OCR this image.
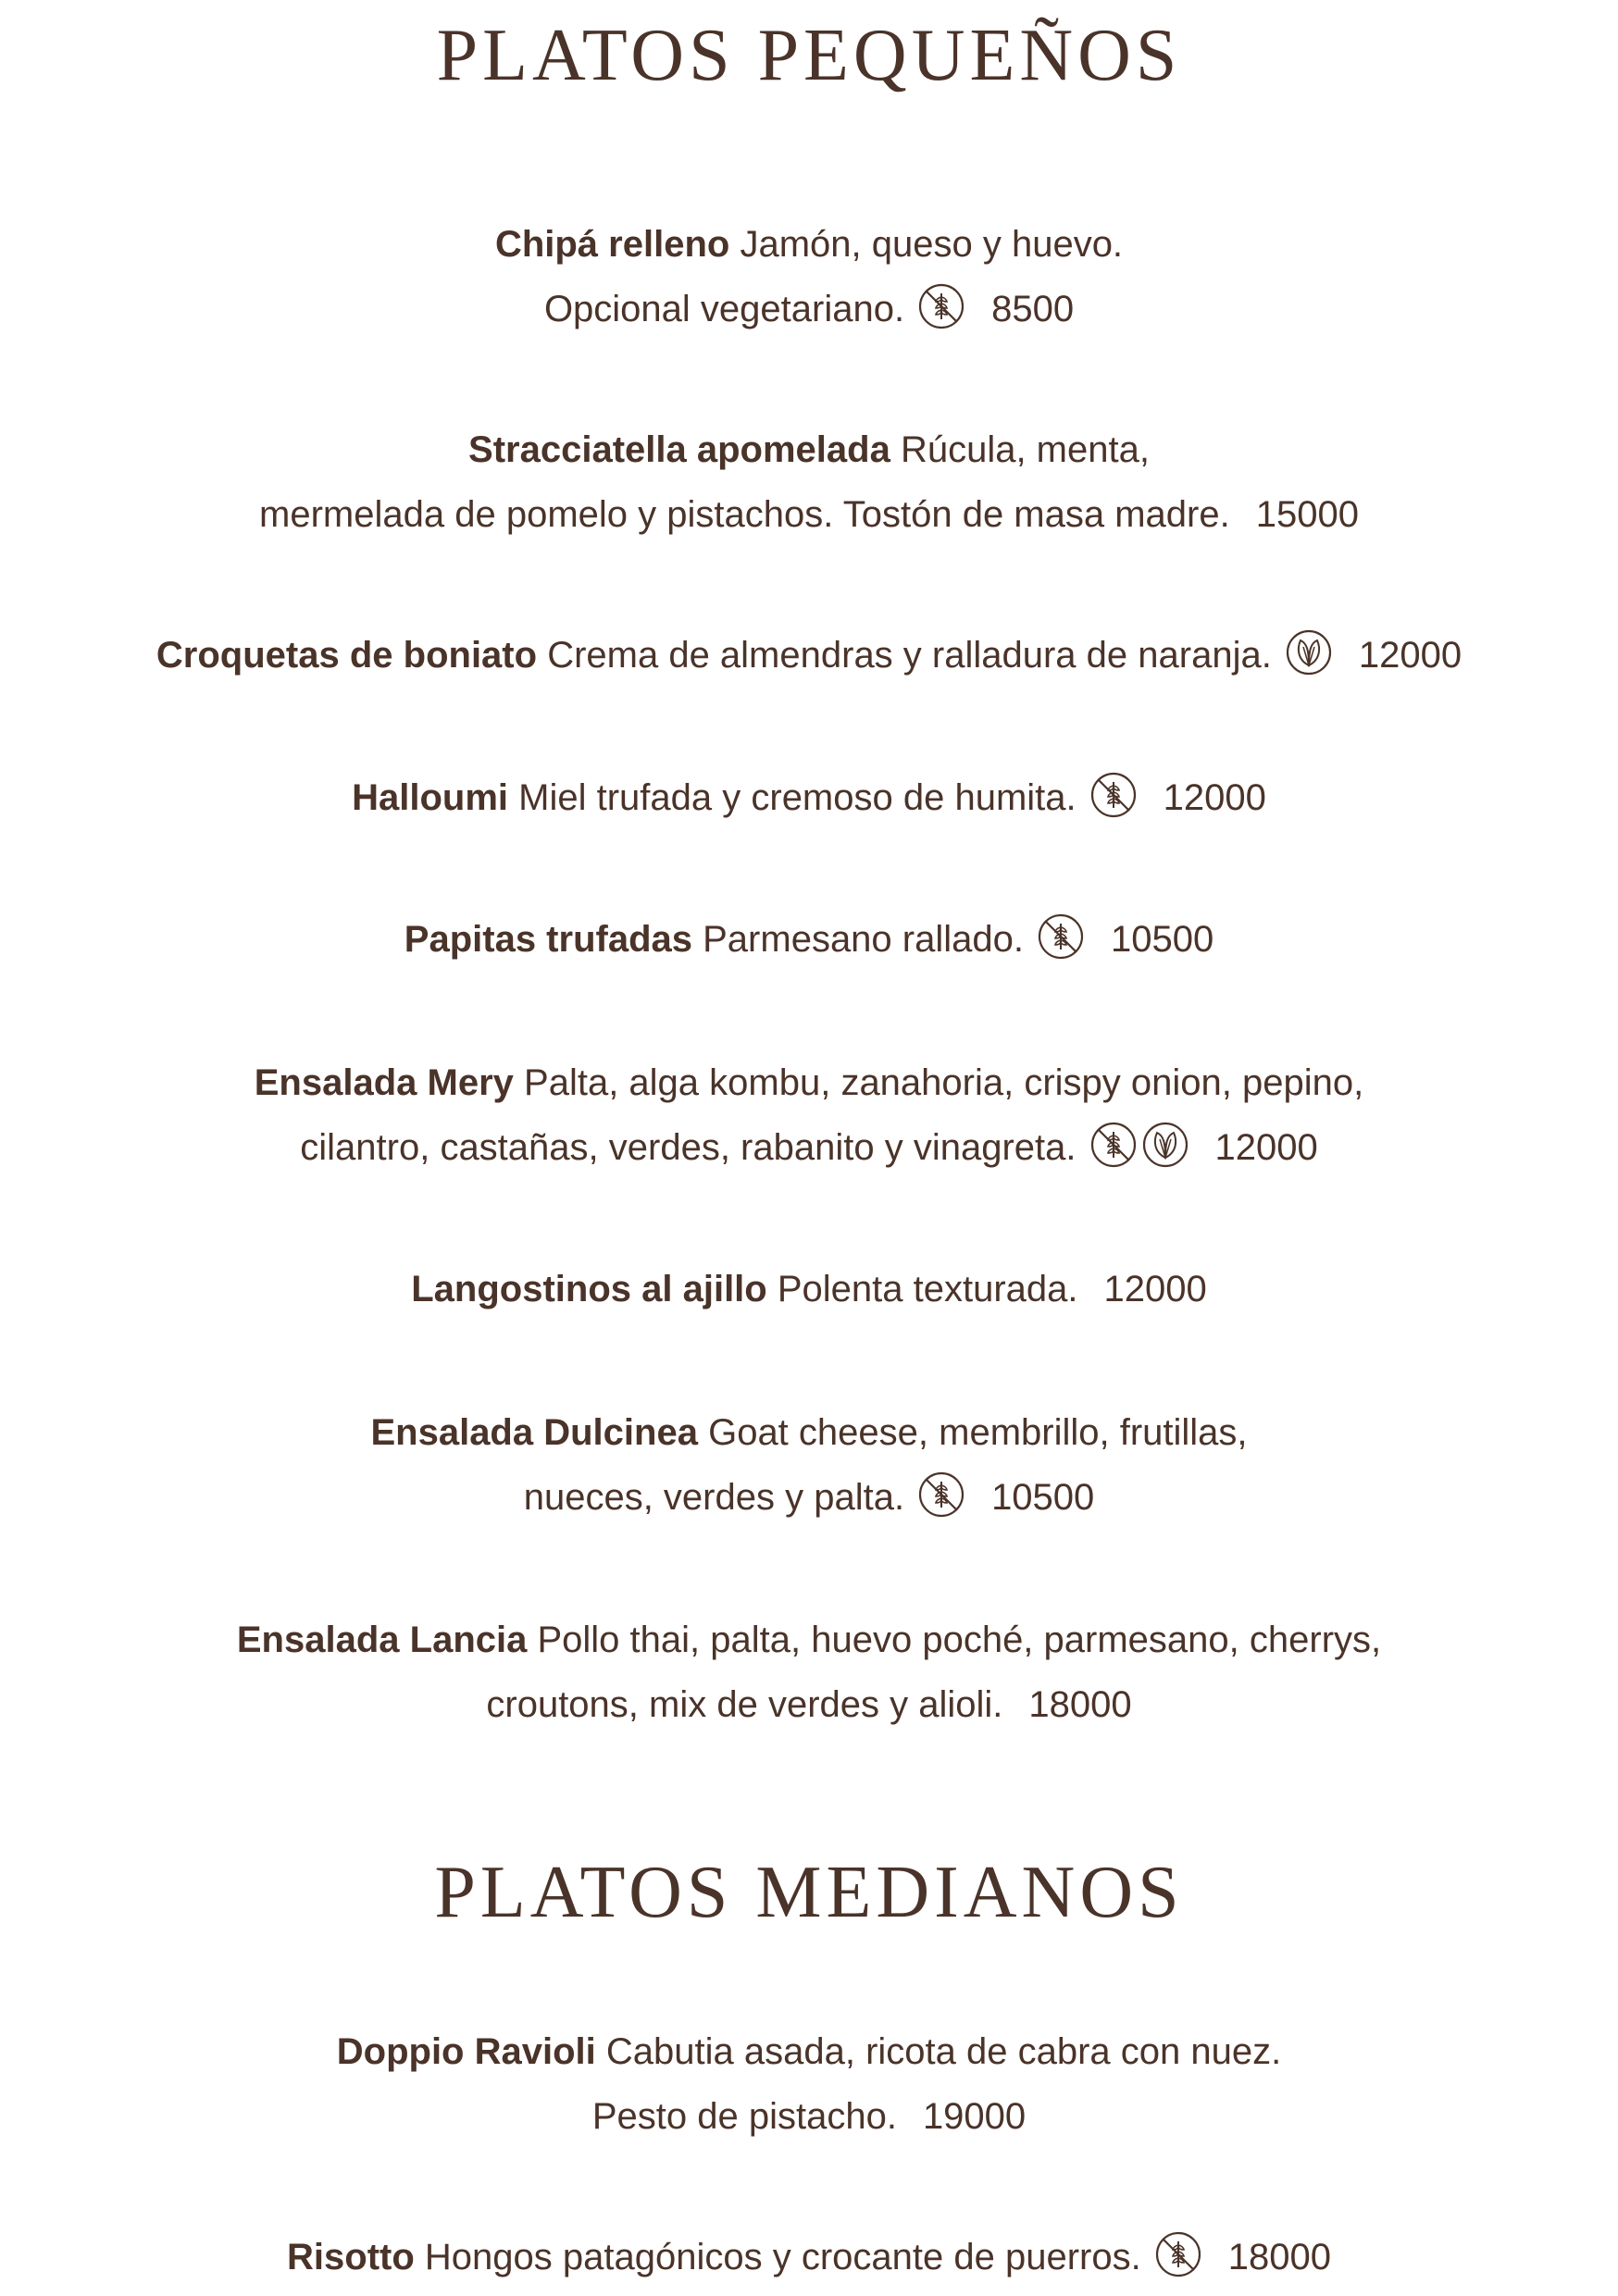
PLATOS PEQUEÑOS
Chipá relleno Jamón, queso y huevo.
Opcional vegetariano. 8500
Stracciatella apomelada Rúcula, menta,
mermelada de pomelo y pistachos. Tostón de masa madre. 15000
Croquetas de boniato Crema de almendras y ralladura de naranja. 12000
Halloumi Miel trufada y cremoso de humita. 12000
Papitas trufadas Parmesano rallado. 10500
Ensalada Mery Palta, alga kombu, zanahoria, crispy onion, pepino,
cilantro, castañas, verdes, rabanito y vinagreta.	12000
Langostinos al ajillo Polenta texturada. 12000
Ensalada Dulcinea Goat cheese, membrillo, frutillas,
nueces, verdes y palta. 10500
Ensalada Lancia Pollo thai, palta, huevo poché, parmesano, cherrys,
croutons, mix de verdes y alioli. 18000
PLATOS MEDIANOS
Doppio Ravioli Cabutia asada, ricota de cabra con nuez.
Pesto de pistacho. 19000
Risotto Hongos patagónicos y crocante de puerros. 18000
